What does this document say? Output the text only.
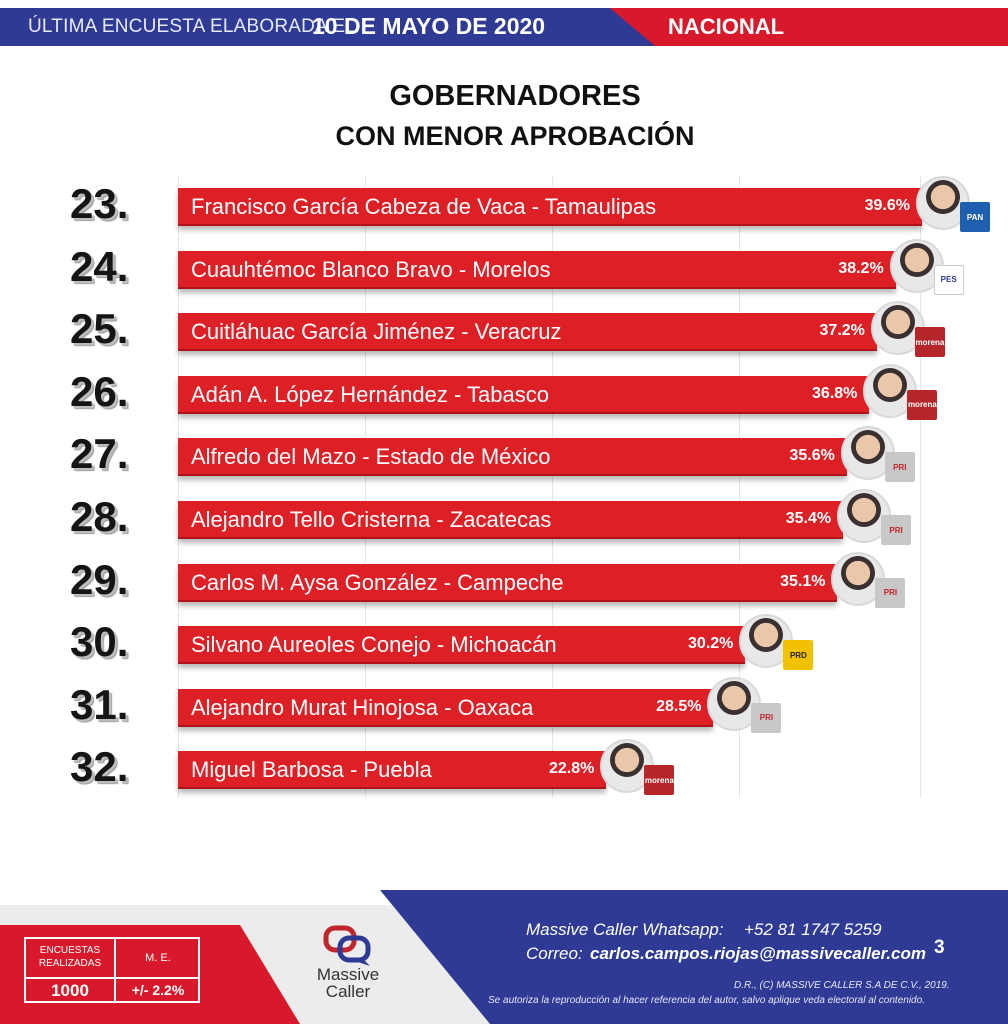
ÚLTIMA ENCUESTA ELABORADA EL
10 DE MAYO DE 2020	NACIONAL
GOBERNADORES
CON MENOR APROBACIÓN
23.	Francisco García Cabeza de Vaca - Tamaulipas	39.6%
PAN
24.	Cuauhtémoc Blanco Bravo - Morelos	38.2%
PES
25.	Cuitláhuac García Jiménez - Veracruz	37.2%
morena
26.	Adán A. López Hernández - Tabasco	36.8%
morena
27.	Alfredo del Mazo - Estado de México	35.6%
PRI
28.	Alejandro Tello Cristerna - Zacatecas	35.4%
PRI
29.	Carlos M. Aysa González - Campeche	35.1%
PRI
30.	Silvano Aureoles Conejo - Michoacán	30.2%
PRD
31.	Alejandro Murat Hinojosa - Oaxaca	28.5%
PRI
32.	Miguel Barbosa - Puebla	22.8%
morena
ENCUESTAS REALIZADAS	M. E.
1000	+/- 2.2%
Massive
Caller
Massive Caller Whatsapp: +52 81 1747 5259
Correo: carlos.campos.riojas@massivecaller.com 3
D.R., (C) MASSIVE CALLER S.A DE C.V., 2019.
Se autoriza la reproducción al hacer referencia del autor, salvo aplique veda electoral al contenido.
